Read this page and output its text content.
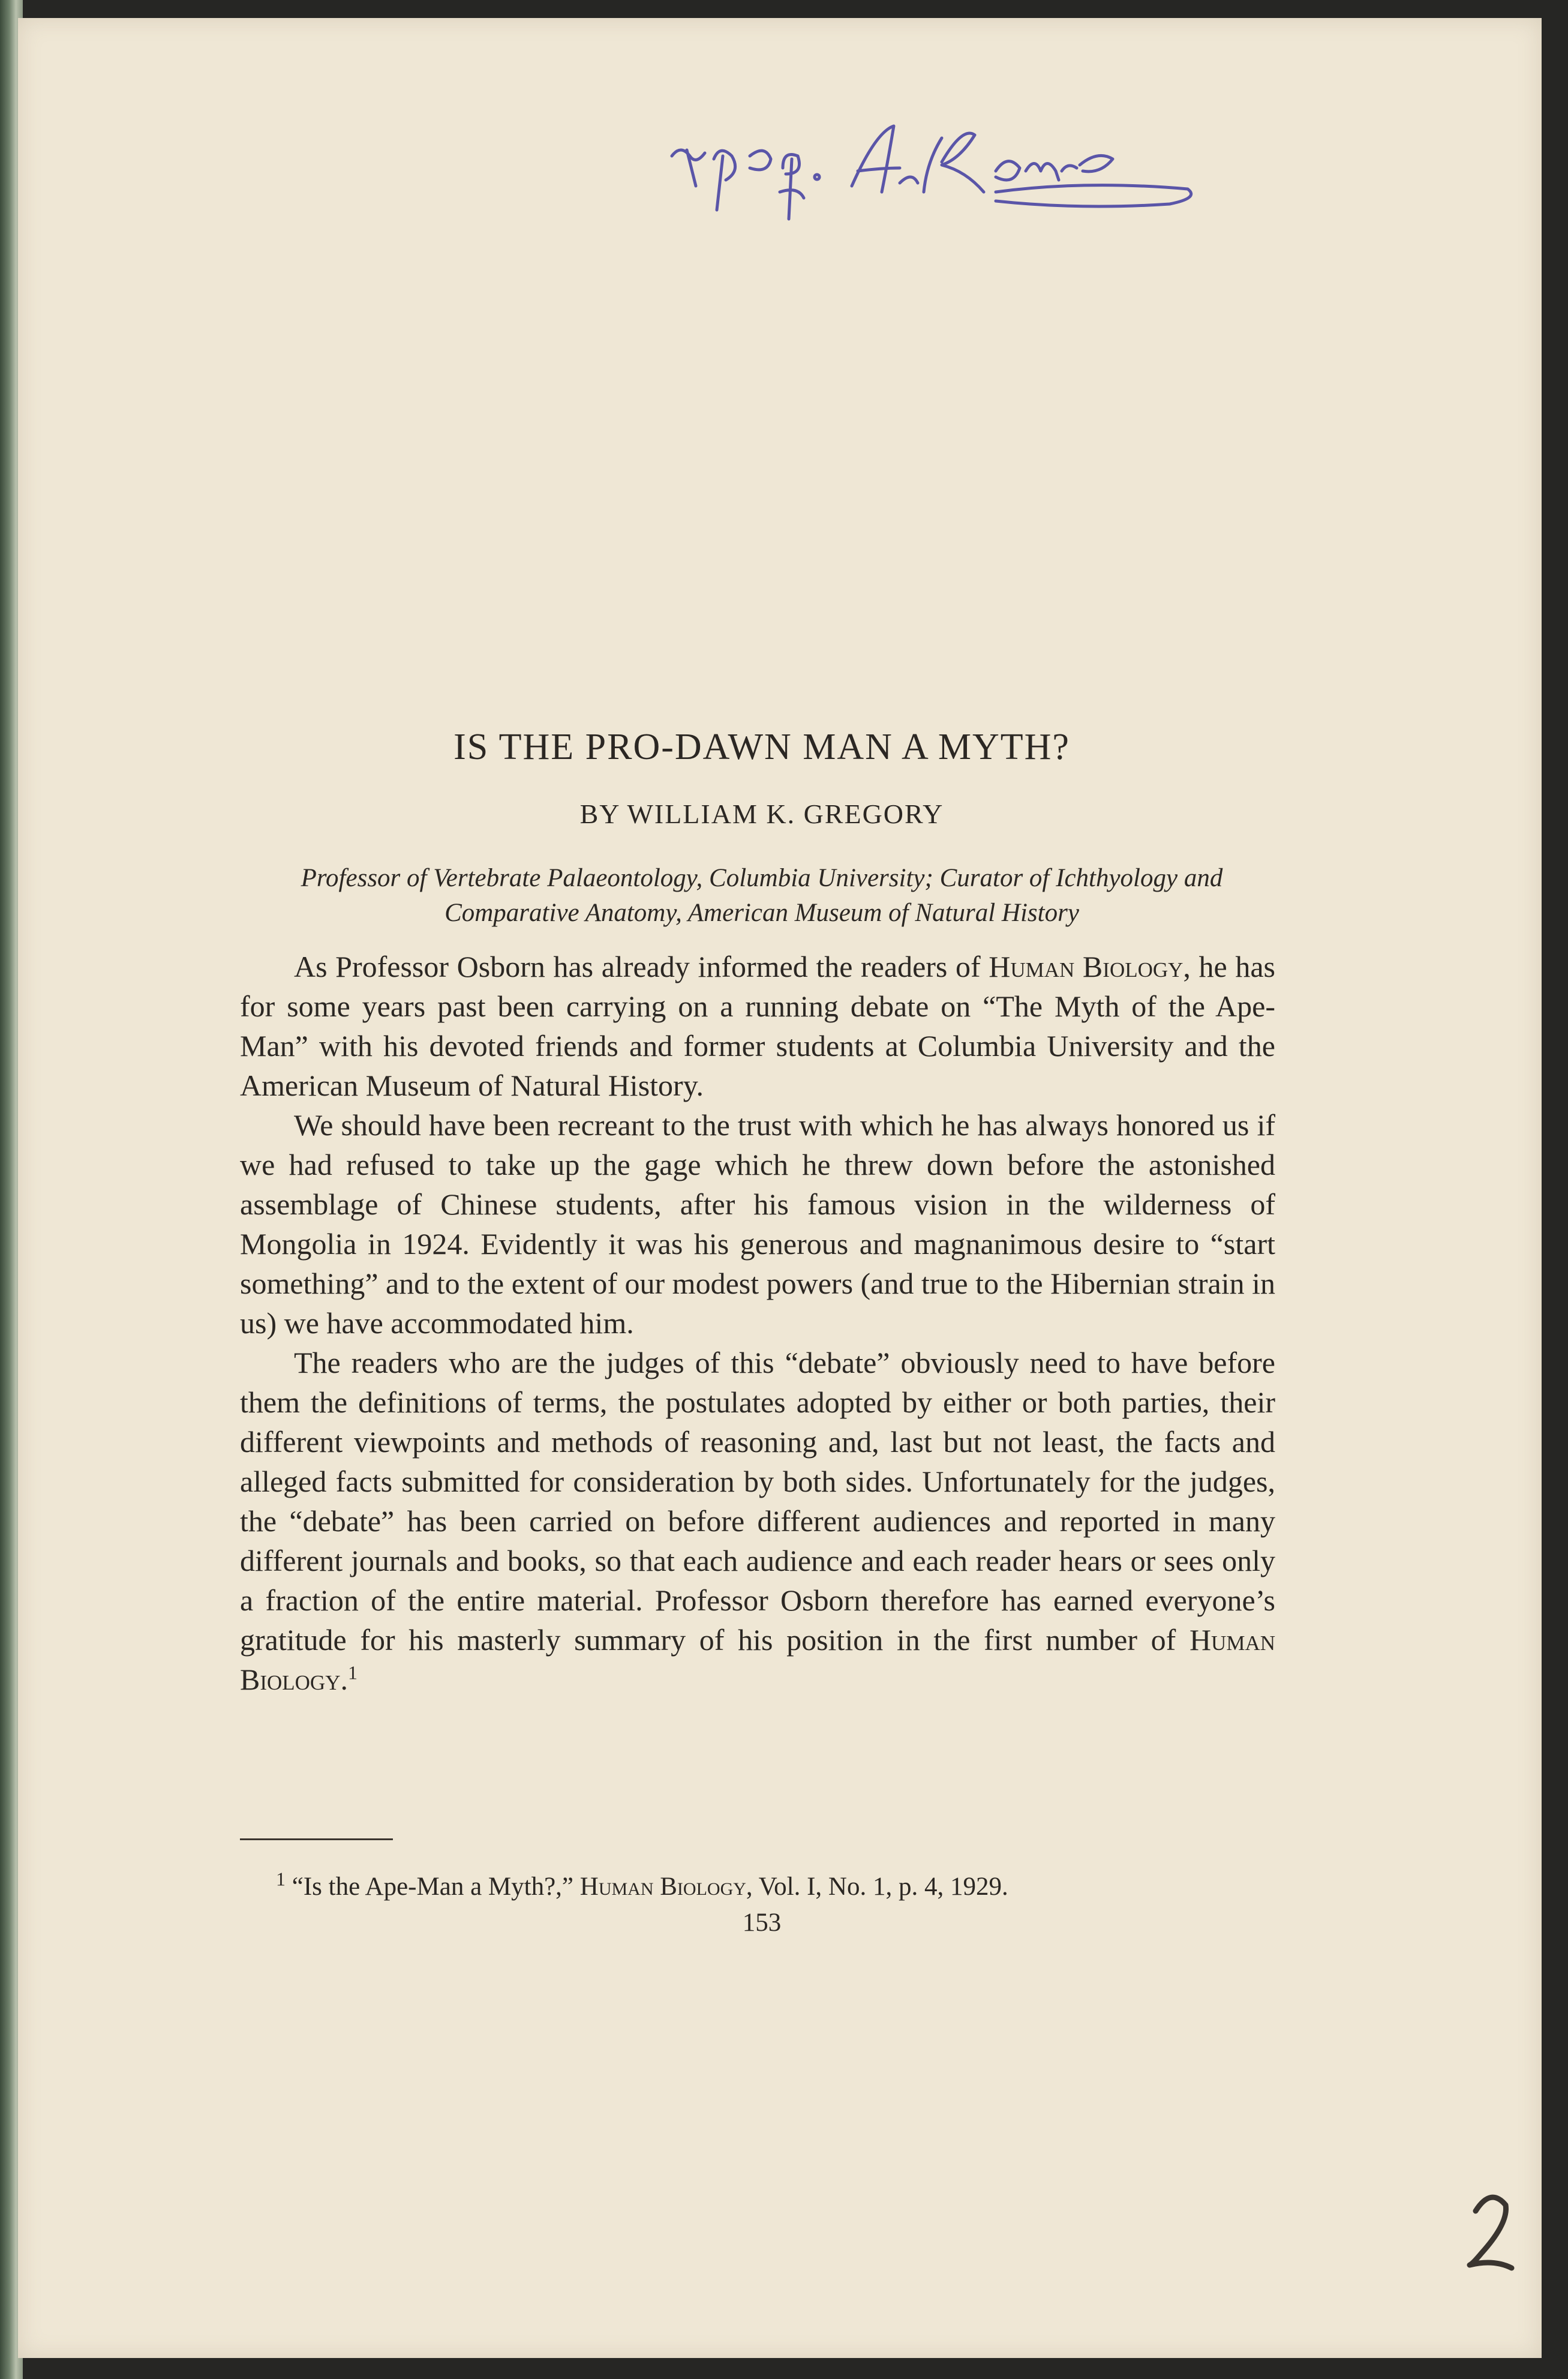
IS THE PRO-DAWN MAN A MYTH?
BY WILLIAM K. GREGORY
Professor of Vertebrate Palaeontology, Columbia University; Curator of Ichthyology and
Comparative Anatomy, American Museum of Natural History

As Professor Osborn has already informed the readers of Human Biology, he has for some years past been carrying on a running debate on “The Myth of the Ape-Man” with his devoted friends and former students at Columbia University and the American Museum of Natural History.

We should have been recreant to the trust with which he has always honored us if we had refused to take up the gage which he threw down before the astonished assemblage of Chinese students, after his famous vision in the wilderness of Mongolia in 1924. Evidently it was his generous and magnanimous desire to “start something” and to the extent of our modest powers (and true to the Hibernian strain in us) we have accommodated him.

The readers who are the judges of this “debate” obviously need to have before them the definitions of terms, the postulates adopted by either or both parties, their different viewpoints and methods of reasoning and, last but not least, the facts and alleged facts submitted for consideration by both sides. Unfortunately for the judges, the “debate” has been carried on before different audiences and reported in many different journals and books, so that each audience and each reader hears or sees only a fraction of the entire material. Professor Osborn therefore has earned everyone’s gratitude for his masterly summary of his position in the first number of Human Biology.$^1$

$^1$ “Is the Ape-Man a Myth?,” Human Biology, Vol. I, No. 1, p. 4, 1929.
153
